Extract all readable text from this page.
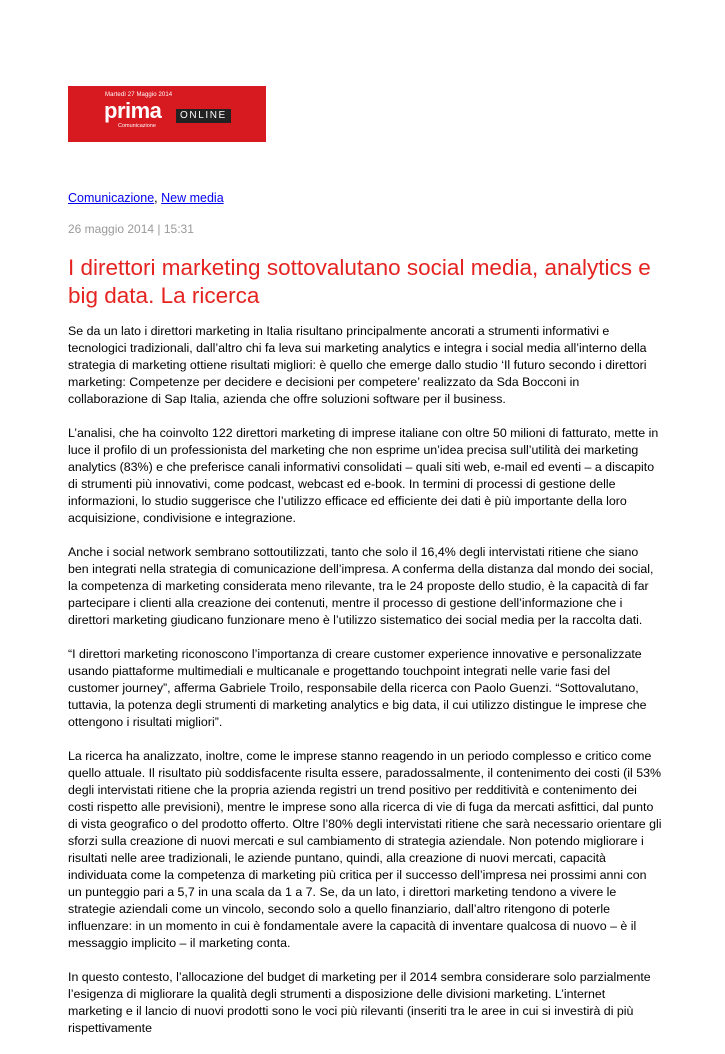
Martedì 27 Maggio 2014
prima	ONLINE
Comunicazione
Comunicazione, New media
26 maggio 2014 | 15:31
I direttori marketing sottovalutano social media, analytics e big data. La ricerca

Se da un lato i direttori marketing in Italia risultano principalmente ancorati a strumenti informativi e tecnologici tradizionali, dall’altro chi fa leva sui marketing analytics e integra i social media all’interno della strategia di marketing ottiene risultati migliori: è quello che emerge dallo studio ‘Il futuro secondo i direttori marketing: Competenze per decidere e decisioni per competere’ realizzato da Sda Bocconi in collaborazione di Sap Italia, azienda che offre soluzioni software per il business.

L’analisi, che ha coinvolto 122 direttori marketing di imprese italiane con oltre 50 milioni di fatturato, mette in luce il profilo di un professionista del marketing che non esprime un’idea precisa sull’utilità dei marketing analytics (83%) e che preferisce canali informativi consolidati – quali siti web, e-mail ed eventi – a discapito di strumenti più innovativi, come podcast, webcast ed e-book. In termini di processi di gestione delle informazioni, lo studio suggerisce che l’utilizzo efficace ed efficiente dei dati è più importante della loro acquisizione, condivisione e integrazione.

Anche i social network sembrano sottoutilizzati, tanto che solo il 16,4% degli intervistati ritiene che siano ben integrati nella strategia di comunicazione dell’impresa. A conferma della distanza dal mondo dei social, la competenza di marketing considerata meno rilevante, tra le 24 proposte dello studio, è la capacità di far partecipare i clienti alla creazione dei contenuti, mentre il processo di gestione dell’informazione che i direttori marketing giudicano funzionare meno è l’utilizzo sistematico dei social media per la raccolta dati.

“I direttori marketing riconoscono l’importanza di creare customer experience innovative e personalizzate usando piattaforme multimediali e multicanale e progettando touchpoint integrati nelle varie fasi del customer journey”, afferma Gabriele Troilo, responsabile della ricerca con Paolo Guenzi. “Sottovalutano, tuttavia, la potenza degli strumenti di marketing analytics e big data, il cui utilizzo distingue le imprese che ottengono i risultati migliori”.

La ricerca ha analizzato, inoltre, come le imprese stanno reagendo in un periodo complesso e critico come quello attuale. Il risultato più soddisfacente risulta essere, paradossalmente, il contenimento dei costi (il 53% degli intervistati ritiene che la propria azienda registri un trend positivo per redditività e contenimento dei costi rispetto alle previsioni), mentre le imprese sono alla ricerca di vie di fuga da mercati asfittici, dal punto di vista geografico o del prodotto offerto. Oltre l’80% degli intervistati ritiene che sarà necessario orientare gli sforzi sulla creazione di nuovi mercati e sul cambiamento di strategia aziendale. Non potendo migliorare i risultati nelle aree tradizionali, le aziende puntano, quindi, alla creazione di nuovi mercati, capacità individuata come la competenza di marketing più critica per il successo dell’impresa nei prossimi anni con un punteggio pari a 5,7 in una scala da 1 a 7. Se, da un lato, i direttori marketing tendono a vivere le strategie aziendali come un vincolo, secondo solo a quello finanziario, dall’altro ritengono di poterle influenzare: in un momento in cui è fondamentale avere la capacità di inventare qualcosa di nuovo – è il messaggio implicito – il marketing conta.

In questo contesto, l’allocazione del budget di marketing per il 2014 sembra considerare solo parzialmente l’esigenza di migliorare la qualità degli strumenti a disposizione delle divisioni marketing. L’internet marketing e il lancio di nuovi prodotti sono le voci più rilevanti (inseriti tra le aree in cui si investirà di più rispettivamente
